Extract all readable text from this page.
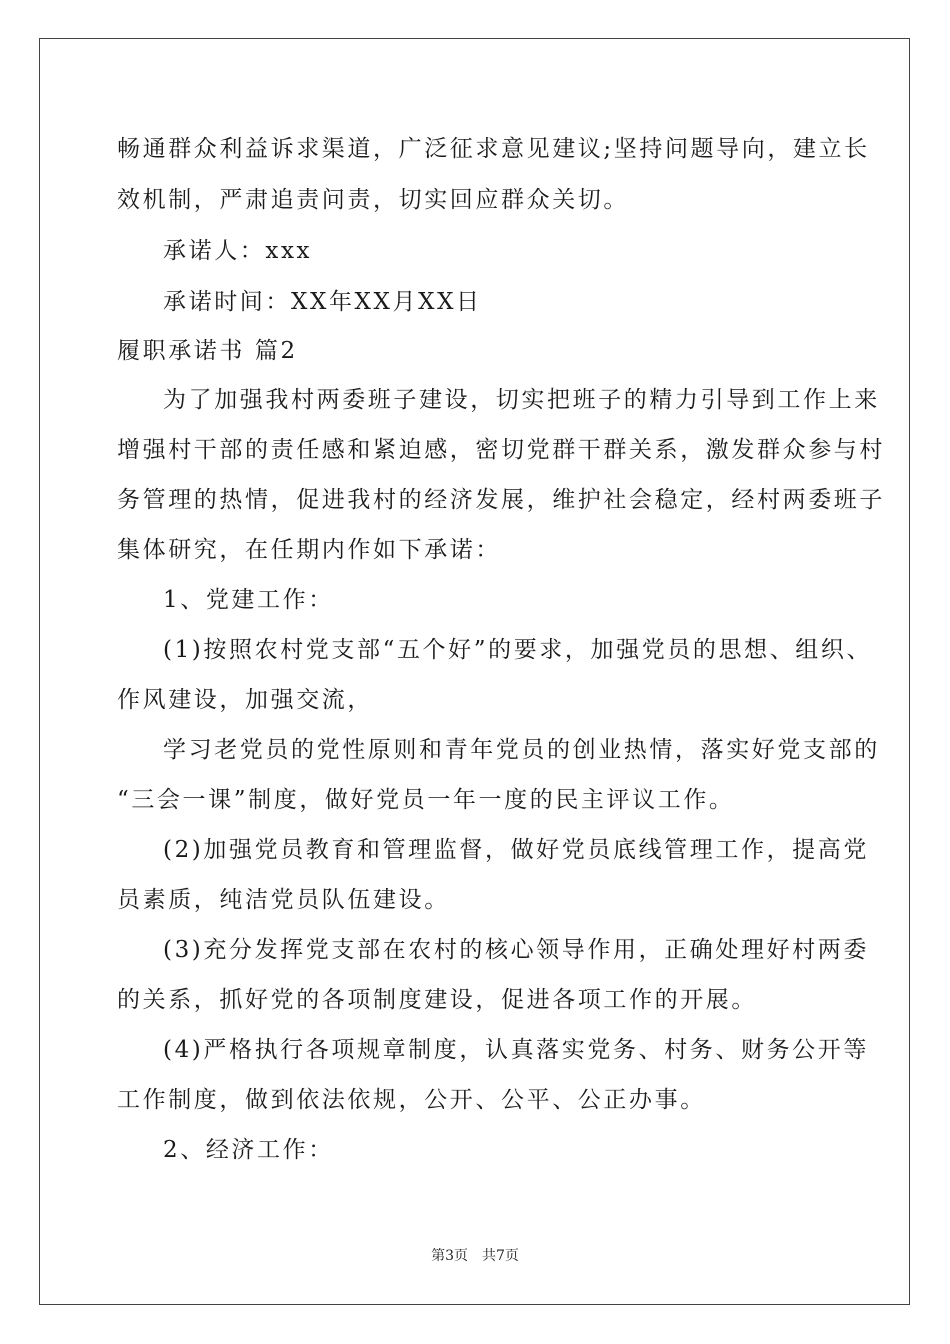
畅通群众利益诉求渠道，广泛征求意见建议;坚持问题导向，建立长
效机制，严肃追责问责，切实回应群众关切。
承诺人：xxx
承诺时间：XX年XX月XX日
履职承诺书 篇2
为了加强我村两委班子建设，切实把班子的精力引导到工作上来
增强村干部的责任感和紧迫感，密切党群干群关系，激发群众参与村
务管理的热情，促进我村的经济发展，维护社会稳定，经村两委班子
集体研究，在任期内作如下承诺：
1、党建工作：
(1)按照农村党支部“五个好”的要求，加强党员的思想、组织、
作风建设，加强交流，
学习老党员的党性原则和青年党员的创业热情，落实好党支部的
“三会一课”制度，做好党员一年一度的民主评议工作。
(2)加强党员教育和管理监督，做好党员底线管理工作，提高党
员素质，纯洁党员队伍建设。
(3)充分发挥党支部在农村的核心领导作用，正确处理好村两委
的关系，抓好党的各项制度建设，促进各项工作的开展。
(4)严格执行各项规章制度，认真落实党务、村务、财务公开等
工作制度，做到依法依规，公开、公平、公正办事。
2、经济工作：
第3页 共7页
